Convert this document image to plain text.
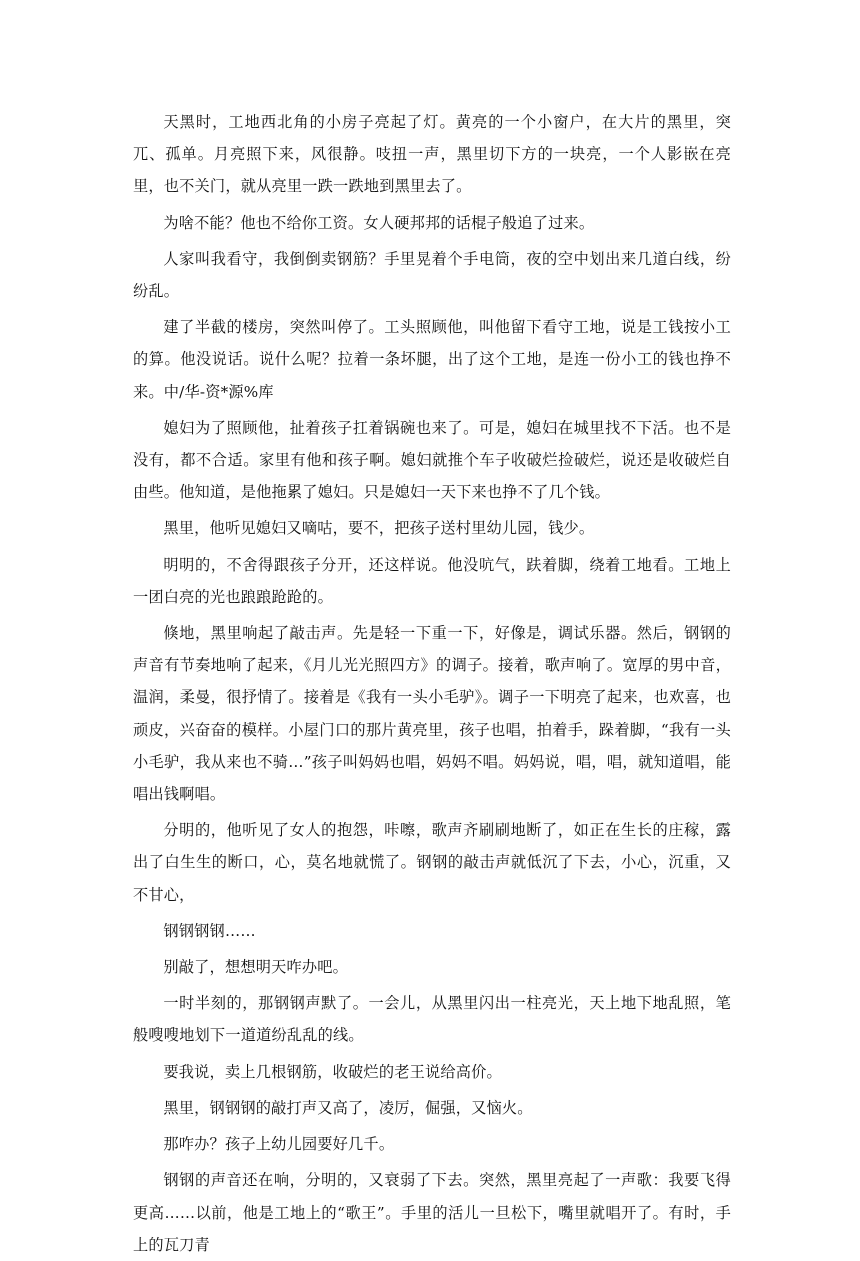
天黑时，工地西北角的小房子亮起了灯。黄亮的一个小窗户，在大片的黑里，突兀、孤单。月亮照下来，风很静。吱扭一声，黑里切下方的一块亮，一个人影嵌在亮里，也不关门，就从亮里一跌一跌地到黑里去了。

为啥不能？他也不给你工资。女人硬邦邦的话棍子般追了过来。

人家叫我看守，我倒倒卖钢筋？手里晃着个手电筒，夜的空中划出来几道白线，纷纷乱。

建了半截的楼房，突然叫停了。工头照顾他，叫他留下看守工地，说是工钱按小工的算。他没说话。说什么呢？拉着一条坏腿，出了这个工地，是连一份小工的钱也挣不来。中/华-资*源%库

媳妇为了照顾他，扯着孩子扛着锅碗也来了。可是，媳妇在城里找不下活。也不是没有，都不合适。家里有他和孩子啊。媳妇就推个车子收破烂捡破烂，说还是收破烂自由些。他知道，是他拖累了媳妇。只是媳妇一天下来也挣不了几个钱。

黑里，他听见媳妇又嘀咕，要不，把孩子送村里幼儿园，钱少。

明明的，不舍得跟孩子分开，还这样说。他没吭气，趺着脚，绕着工地看。工地上一团白亮的光也踉踉跄跄的。

倏地，黑里响起了敲击声。先是轻一下重一下，好像是，调试乐器。然后，钢钢的声音有节奏地响了起来，《月儿光光照四方》的调子。接着，歌声响了。宽厚的男中音，温润，柔曼，很抒情了。接着是《我有一头小毛驴》。调子一下明亮了起来，也欢喜，也顽皮，兴奋奋的模样。小屋门口的那片黄亮里，孩子也唱，拍着手，跺着脚，“我有一头小毛驴，我从来也不骑…”孩子叫妈妈也唱，妈妈不唱。妈妈说，唱，唱，就知道唱，能唱出钱啊唱。

分明的，他听见了女人的抱怨，咔嚓，歌声齐刷刷地断了，如正在生长的庄稼，露出了白生生的断口，心，莫名地就慌了。钢钢的敲击声就低沉了下去，小心，沉重，又不甘心，

钢钢钢钢……

别敲了，想想明天咋办吧。

一时半刻的，那钢钢声默了。一会儿，从黑里闪出一柱亮光，天上地下地乱照，笔般嗖嗖地划下一道道纷乱乱的线。

要我说，卖上几根钢筋，收破烂的老王说给高价。

黑里，钢钢钢的敲打声又高了，凌厉，倔强，又恼火。

那咋办？孩子上幼儿园要好几千。

钢钢的声音还在响，分明的，又衰弱了下去。突然，黑里亮起了一声歌：我要飞得更高……以前，他是工地上的“歌王”。手里的活儿一旦松下，嘴里就唱开了。有时，手上的瓦刀青
